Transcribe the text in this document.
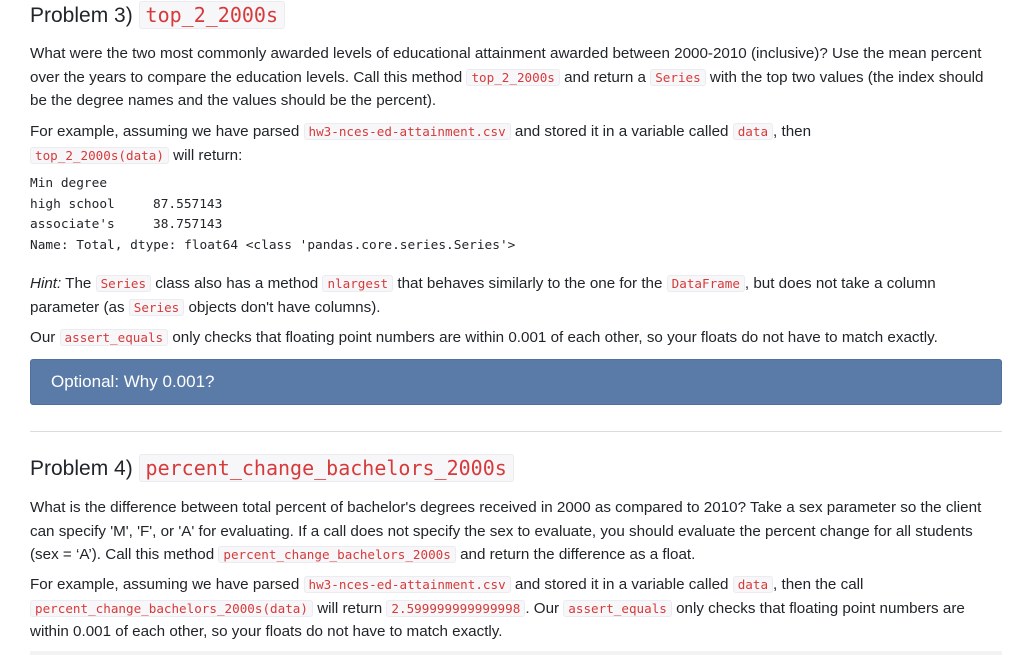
Problem 3) top_2_2000s
What were the two most commonly awarded levels of educational attainment awarded between 2000-2010 (inclusive)? Use the mean percent over the years to compare the education levels. Call this method top_2_2000s and return a Series with the top two values (the index should be the degree names and the values should be the percent).
For example, assuming we have parsed hw3-nces-ed-attainment.csv and stored it in a variable called data , then
top_2_2000s(data) will return:
Min degree
high school	87.557143
associate's	38.757143
Name: Total, dtype: float64 <class 'pandas.core.series.Series'>
Hint: The Series class also has a method nlargest that behaves similarly to the one for the DataFrame , but does not take a column parameter (as Series objects don't have columns).
Our assert_equals only checks that floating point numbers are within 0.001 of each other, so your floats do not have to match exactly.
Optional: Why 0.001?
Problem 4) percent_change_bachelors_2000s
What is the difference between total percent of bachelor's degrees received in 2000 as compared to 2010? Take a sex parameter so the client can specify 'M', 'F', or 'A' for evaluating. If a call does not specify the sex to evaluate, you should evaluate the percent change for all students (sex = ‘A’). Call this method percent_change_bachelors_2000s and return the difference as a float.
For example, assuming we have parsed hw3-nces-ed-attainment.csv and stored it in a variable called data , then the call
percent_change_bachelors_2000s(data) will return 2.599999999999998 . Our assert_equals only checks that floating point numbers are within 0.001 of each other, so your floats do not have to match exactly.
